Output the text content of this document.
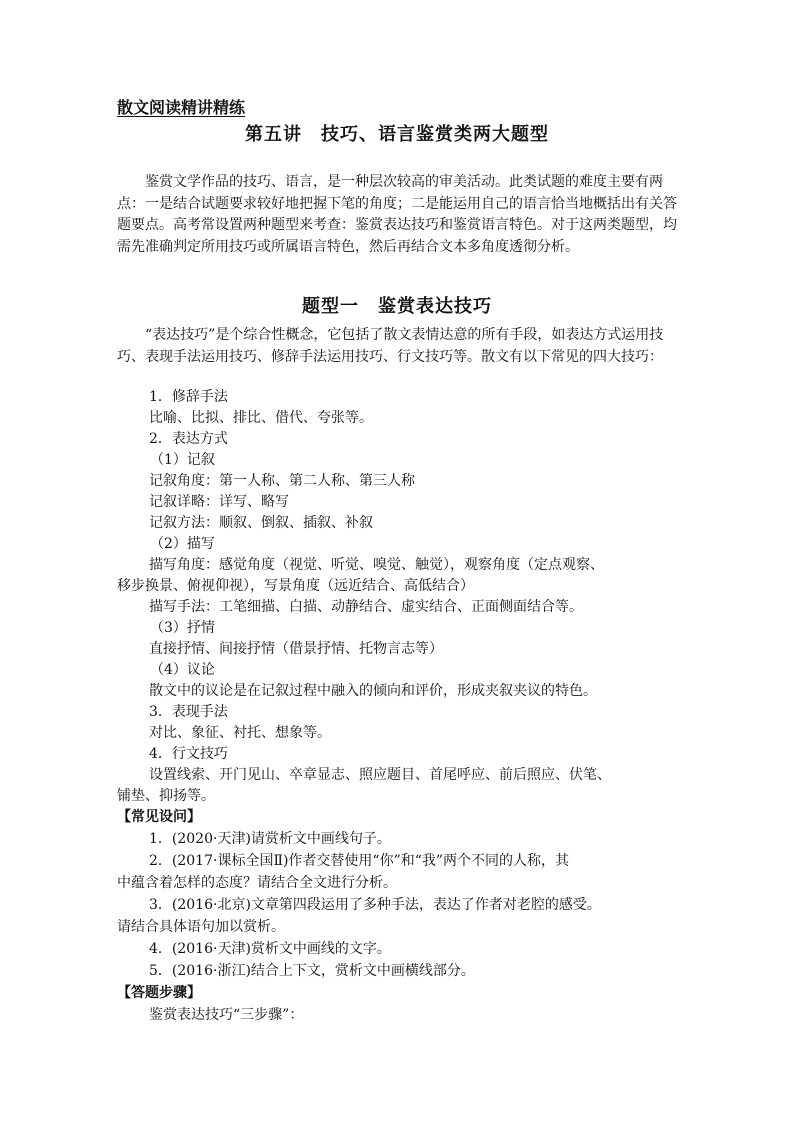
散文阅读精讲精练
第五讲　技巧、语言鉴赏类两大题型
鉴赏文学作品的技巧、语言，是一种层次较高的审美活动。此类试题的难度主要有两点：一是结合试题要求较好地把握下笔的角度；二是能运用自己的语言恰当地概括出有关答题要点。高考常设置两种题型来考查：鉴赏表达技巧和鉴赏语言特色。对于这两类题型，均需先准确判定所用技巧或所属语言特色，然后再结合文本多角度透彻分析。
题型一　鉴赏表达技巧
“表达技巧”是个综合性概念，它包括了散文表情达意的所有手段，如表达方式运用技巧、表现手法运用技巧、修辞手法运用技巧、行文技巧等。散文有以下常见的四大技巧：
1．修辞手法
比喻、比拟、排比、借代、夸张等。
2．表达方式
（1）记叙
记叙角度：第一人称、第二人称、第三人称
记叙详略：详写、略写
记叙方法：顺叙、倒叙、插叙、补叙
（2）描写
描写角度：感觉角度（视觉、听觉、嗅觉、触觉），观察角度（定点观察、
移步换景、俯视仰视），写景角度（远近结合、高低结合）
描写手法：工笔细描、白描、动静结合、虚实结合、正面侧面结合等。
（3）抒情
直接抒情、间接抒情（借景抒情、托物言志等）
（4）议论
散文中的议论是在记叙过程中融入的倾向和评价，形成夹叙夹议的特色。
3．表现手法
对比、象征、衬托、想象等。
4．行文技巧
设置线索、开门见山、卒章显志、照应题目、首尾呼应、前后照应、伏笔、
铺垫、抑扬等。
【常见设问】
1．(2020·天津)请赏析文中画线句子。
2．(2017·课标全国Ⅱ)作者交替使用“你”和“我”两个不同的人称，其
中蕴含着怎样的态度？请结合全文进行分析。
3．(2016·北京)文章第四段运用了多种手法，表达了作者对老腔的感受。
请结合具体语句加以赏析。
4．(2016·天津)赏析文中画线的文字。
5．(2016·浙江)结合上下文，赏析文中画横线部分。
【答题步骤】
鉴赏表达技巧“三步骤”：
